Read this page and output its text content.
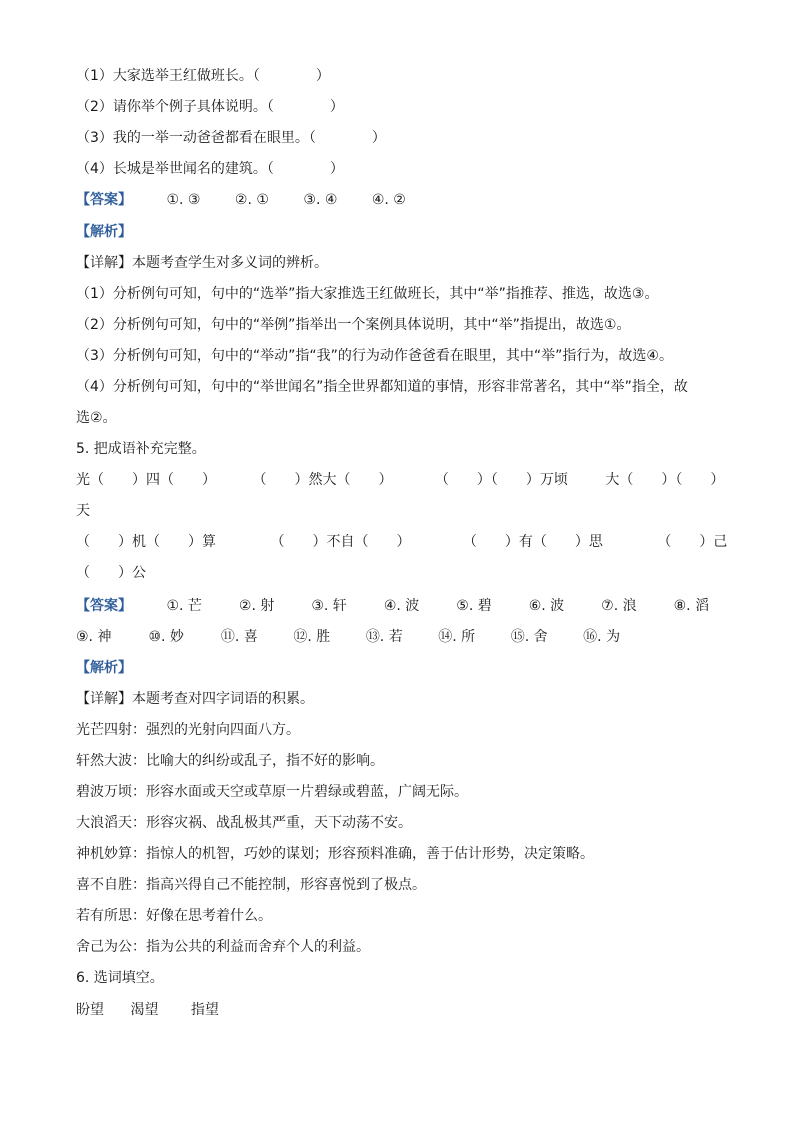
（1）大家选举王红做班长。（　　　　）
（2）请你举个例子具体说明。（　　　　）
（3）我的一举一动爸爸都看在眼里。（　　　　）
（4）长城是举世闻名的建筑。（　　　　）
【答案】 ①. ③ ②. ① ③. ④ ④. ②
【解析】
【详解】本题考查学生对多义词的辨析。
（1）分析例句可知，句中的“选举”指大家推选王红做班长，其中“举”指推荐、推选，故选③。
（2）分析例句可知，句中的“举例”指举出一个案例具体说明，其中“举”指提出，故选①。
（3）分析例句可知，句中的“举动”指“我”的行为动作爸爸看在眼里，其中“举”指行为，故选④。
（4）分析例句可知，句中的“举世闻名”指全世界都知道的事情，形容非常著名，其中“举”指全，故
选②。
5. 把成语补充完整。
光（　　）四（　　）	（　　）然大（　　）	（　　）（　　）万顷	大（　　）（　　）
天
（　　）机（　　）算	（　　）不自（　　）	（　　）有（　　）思	（　　）己
（　　）公
【答案】 ①. 芒	②. 射	③. 轩	④. 波	⑤. 碧	⑥. 波	⑦. 浪	⑧. 滔
⑨. 神	⑩. 妙	⑪. 喜	⑫. 胜	⑬. 若	⑭. 所	⑮. 舍	⑯. 为
【解析】
【详解】本题考查对四字词语的积累。
光芒四射：强烈的光射向四面八方。
轩然大波：比喻大的纠纷或乱子，指不好的影响。
碧波万顷：形容水面或天空或草原一片碧绿或碧蓝，广阔无际。
大浪滔天：形容灾祸、战乱极其严重，天下动荡不安。
神机妙算：指惊人的机智，巧妙的谋划；形容预料准确，善于估计形势，决定策略。
喜不自胜：指高兴得自己不能控制，形容喜悦到了极点。
若有所思：好像在思考着什么。
舍己为公：指为公共的利益而舍弃个人的利益。
6. 选词填空。
盼望 渴望 指望
